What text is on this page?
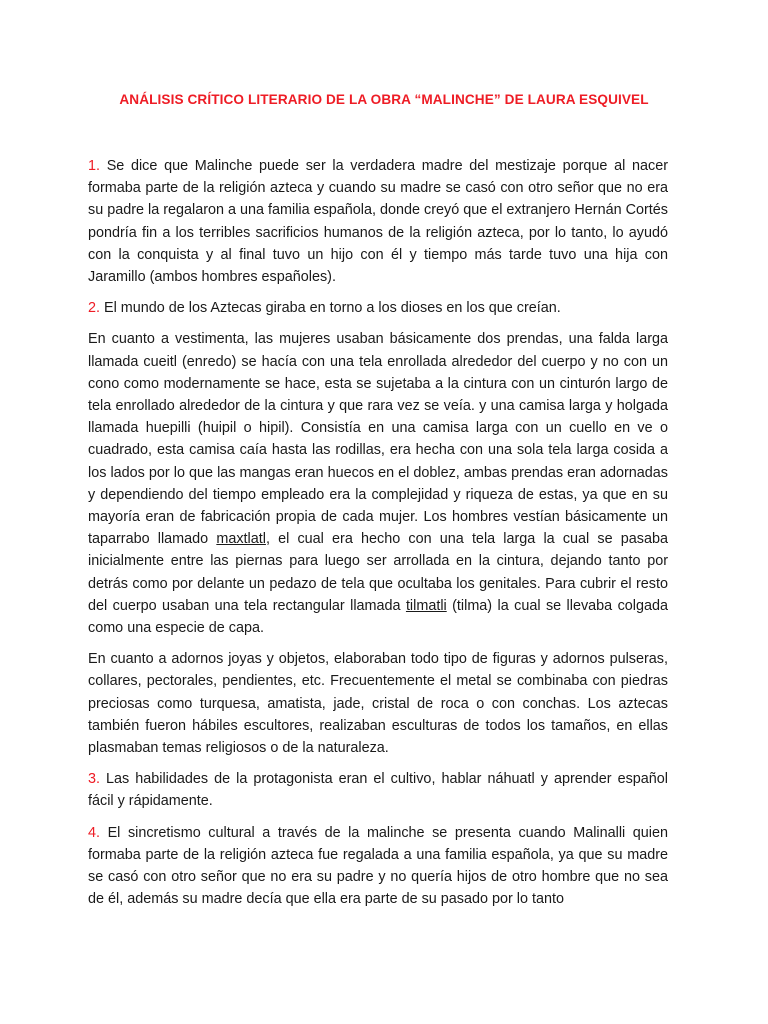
ANÁLISIS CRÍTICO LITERARIO DE LA OBRA “MALINCHE” DE LAURA ESQUIVEL

1. Se dice que Malinche puede ser la verdadera madre del mestizaje porque al nacer formaba parte de la religión azteca y cuando su madre se casó con otro señor que no era su padre la regalaron a una familia española, donde creyó que el extranjero Hernán Cortés pondría fin a los terribles sacrificios humanos de la religión azteca, por lo tanto, lo ayudó con la conquista y al final tuvo un hijo con él y tiempo más tarde tuvo una hija con Jaramillo (ambos hombres españoles).

2. El mundo de los Aztecas giraba en torno a los dioses en los que creían.

En cuanto a vestimenta, las mujeres usaban básicamente dos prendas, una falda larga llamada cueitl (enredo) se hacía con una tela enrollada alrededor del cuerpo y no con un cono como modernamente se hace, esta se sujetaba a la cintura con un cinturón largo de tela enrollado alrededor de la cintura y que rara vez se veía. y una camisa larga y holgada llamada huepilli (huipil o hipil). Consistía en una camisa larga con un cuello en ve o cuadrado, esta camisa caía hasta las rodillas, era hecha con una sola tela larga cosida a los lados por lo que las mangas eran huecos en el doblez, ambas prendas eran adornadas y dependiendo del tiempo empleado era la complejidad y riqueza de estas, ya que en su mayoría eran de fabricación propia de cada mujer. Los hombres vestían básicamente un taparrabo llamado maxtlatl, el cual era hecho con una tela larga la cual se pasaba inicialmente entre las piernas para luego ser arrollada en la cintura, dejando tanto por detrás como por delante un pedazo de tela que ocultaba los genitales. Para cubrir el resto del cuerpo usaban una tela rectangular llamada tilmatli (tilma) la cual se llevaba colgada como una especie de capa.

En cuanto a adornos joyas y objetos, elaboraban todo tipo de figuras y adornos pulseras, collares, pectorales, pendientes, etc. Frecuentemente el metal se combinaba con piedras preciosas como turquesa, amatista, jade, cristal de roca o con conchas. Los aztecas también fueron hábiles escultores, realizaban esculturas de todos los tamaños, en ellas plasmaban temas religiosos o de la naturaleza.

3. Las habilidades de la protagonista eran el cultivo, hablar náhuatl y aprender español fácil y rápidamente.

4. El sincretismo cultural a través de la malinche se presenta cuando Malinalli quien formaba parte de la religión azteca fue regalada a una familia española, ya que su madre se casó con otro señor que no era su padre y no quería hijos de otro hombre que no sea de él, además su madre decía que ella era parte de su pasado por lo tanto
